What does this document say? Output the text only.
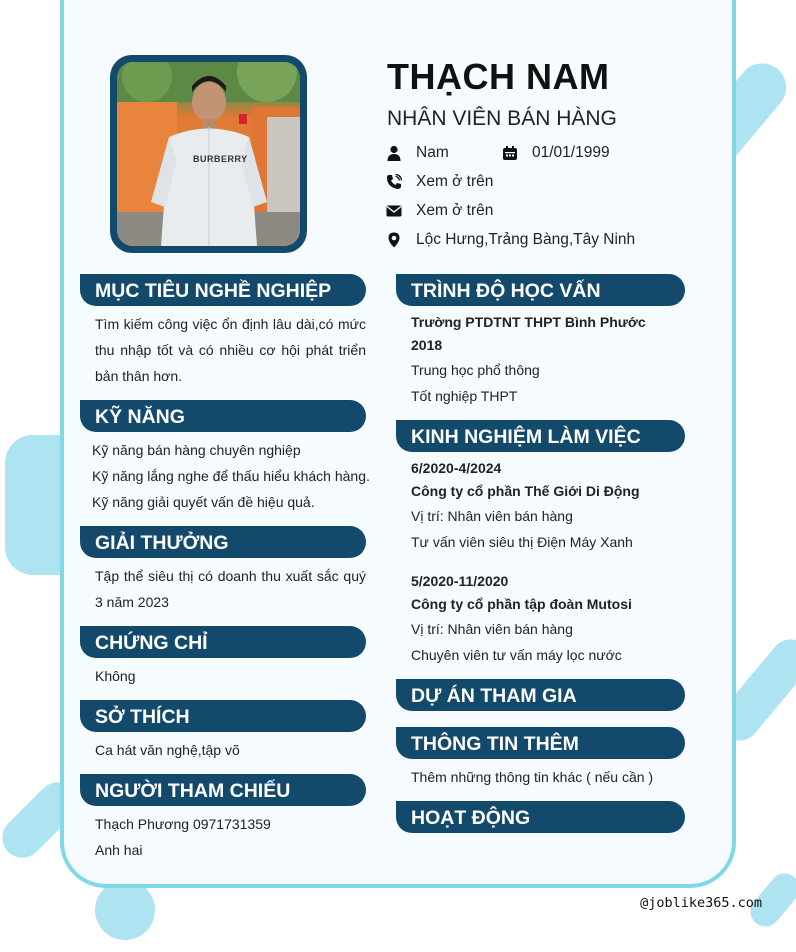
BURBERRY
THẠCH NAM

NHÂN VIÊN BÁN HÀNG

Nam	01/01/1999
Xem ở trên
Xem ở trên
Lộc Hưng,Trảng Bàng,Tây Ninh
MỤC TIÊU NGHỀ NGHIỆP
Tìm kiếm công việc ổn định lâu dài,có mức thu nhập tốt và có nhiều cơ hội phát triển bản thân hơn.
KỸ NĂNG
Kỹ năng bán hàng chuyên nghiệp
Kỹ năng lắng nghe để thấu hiểu khách hàng.
Kỹ năng giải quyết vấn đề hiệu quả.
GIẢI THƯỞNG
Tập thể siêu thị có doanh thu xuất sắc quý 3 năm 2023
CHỨNG CHỈ
Không
SỞ THÍCH
Ca hát văn nghệ,tập võ
NGƯỜI THAM CHIẾU
Thạch Phương 0971731359
Anh hai
TRÌNH ĐỘ HỌC VẤN
Trường PTDTNT THPT Bình Phước
2018
Trung học phổ thông
Tốt nghiệp THPT
KINH NGHIỆM LÀM VIỆC
6/2020-4/2024
Công ty cổ phần Thế Giới Di Động
Vị trí: Nhân viên bán hàng
Tư vấn viên siêu thị Điện Máy Xanh
5/2020-11/2020
Công ty cổ phần tập đoàn Mutosi
Vị trí: Nhân viên bán hàng
Chuyên viên tư vấn máy lọc nước
DỰ ÁN THAM GIA
THÔNG TIN THÊM
Thêm những thông tin khác ( nếu cần )
HOẠT ĐỘNG
@joblike365.com
